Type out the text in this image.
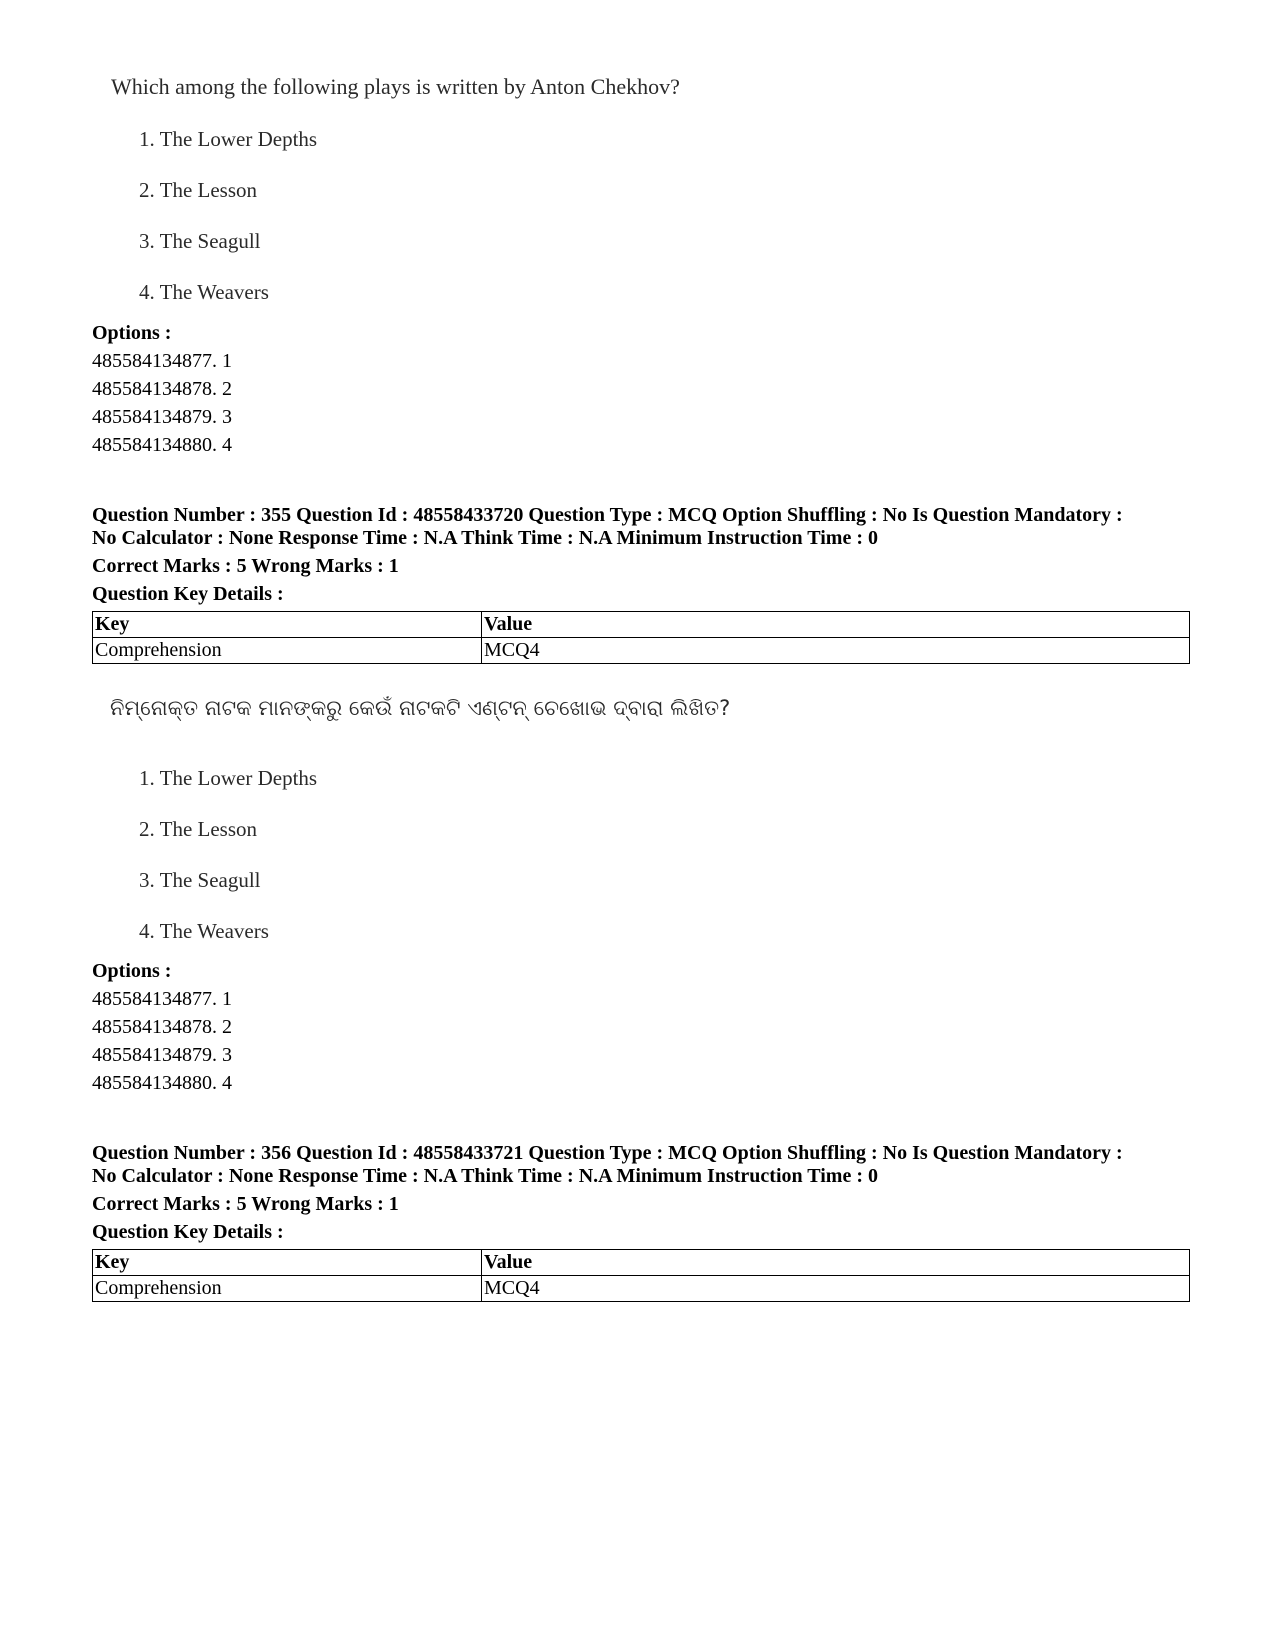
Which among the following plays is written by Anton Chekhov?
1. The Lower Depths
2. The Lesson
3. The Seagull
4. The Weavers
Options :
485584134877. 1
485584134878. 2
485584134879. 3
485584134880. 4
Question Number : 355 Question Id : 48558433720 Question Type : MCQ Option Shuffling : No Is Question Mandatory :
No Calculator : None Response Time : N.A Think Time : N.A Minimum Instruction Time : 0
Correct Marks : 5 Wrong Marks : 1
Question Key Details :
Key	Value
Comprehension	MCQ4
ନିମ୍ନୋକ୍ତ ନାଟକ ମାନଙ୍କରୁ କେଉଁ ନାଟକଟି ଏଣ୍ଟନ୍ ଚେଖୋଭ ଦ୍ବାରା ଲିଖିତ?
1. The Lower Depths
2. The Lesson
3. The Seagull
4. The Weavers
Options :
485584134877. 1
485584134878. 2
485584134879. 3
485584134880. 4
Question Number : 356 Question Id : 48558433721 Question Type : MCQ Option Shuffling : No Is Question Mandatory :
No Calculator : None Response Time : N.A Think Time : N.A Minimum Instruction Time : 0
Correct Marks : 5 Wrong Marks : 1
Question Key Details :
Key	Value
Comprehension	MCQ4
